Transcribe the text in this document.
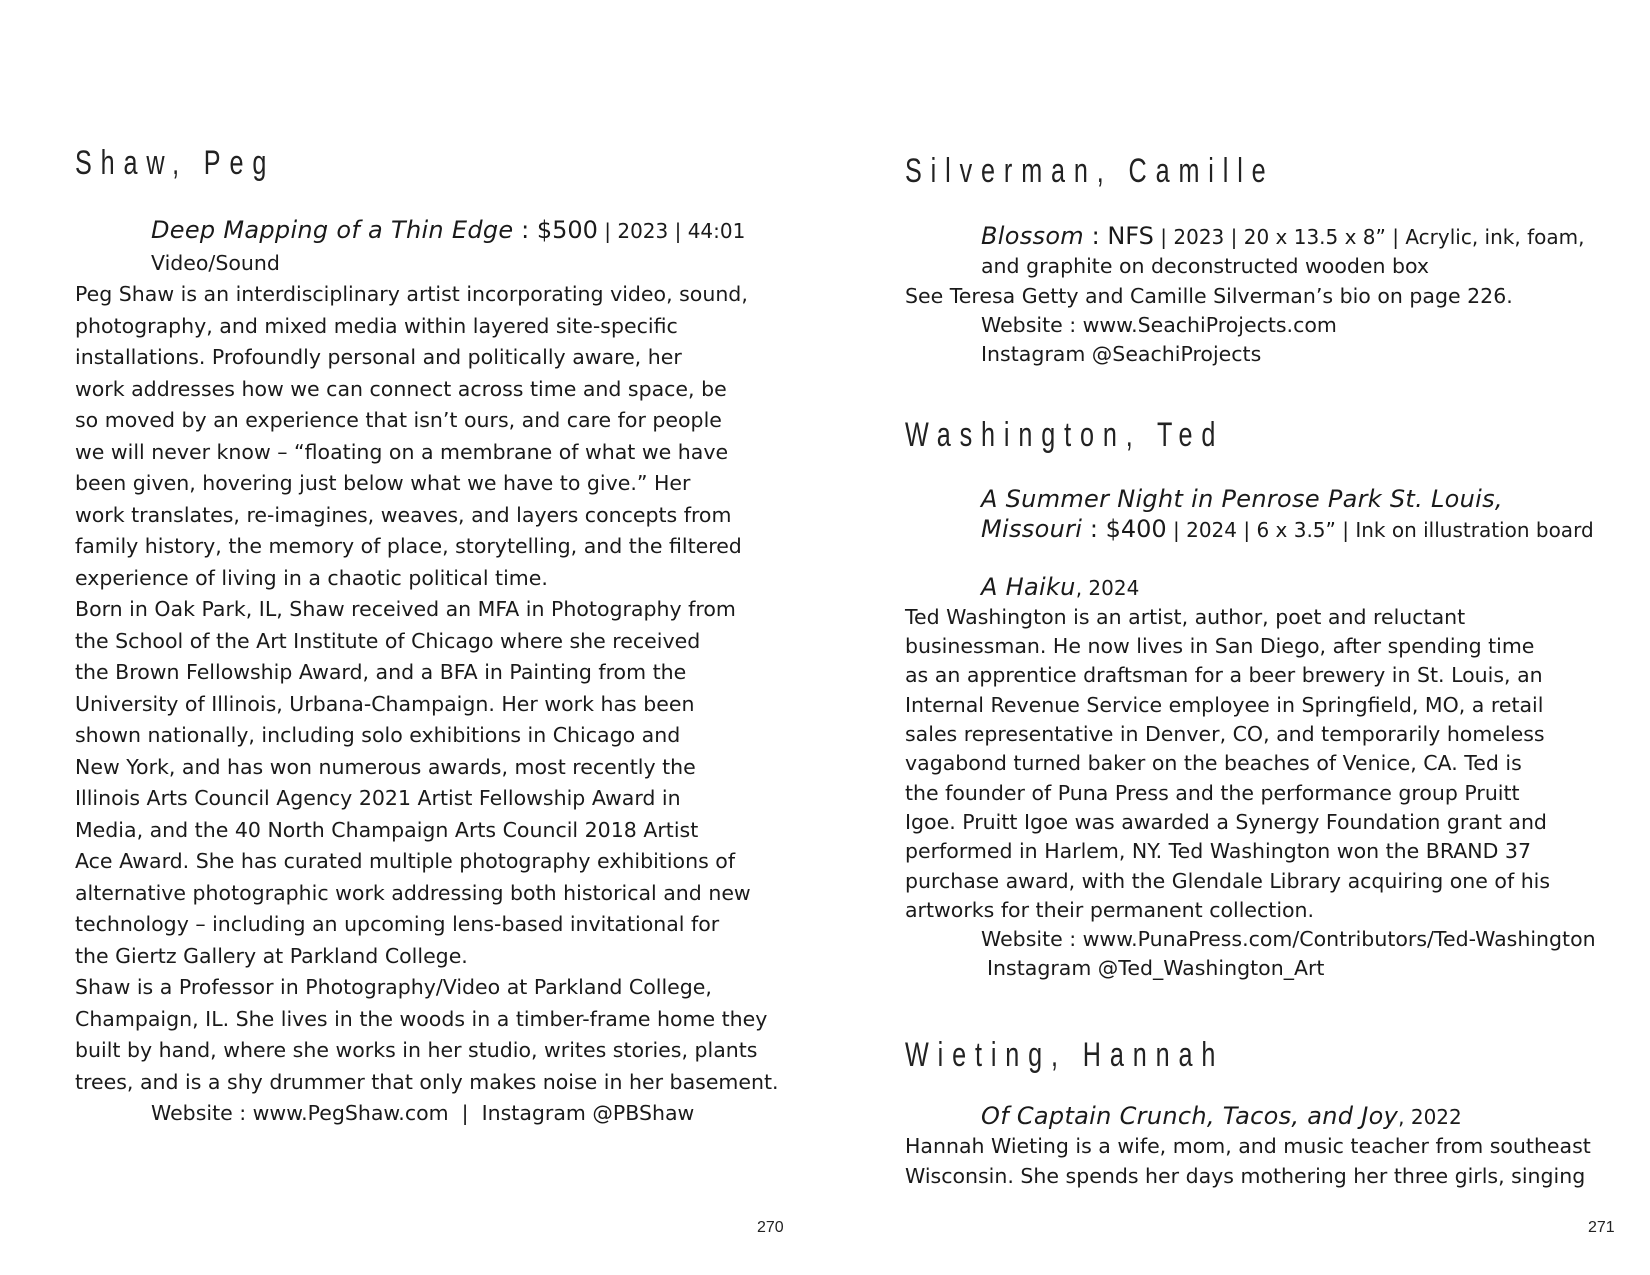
Shaw, Peg
Deep Mapping of a Thin Edge : $500 | 2023 | 44:01
Video/Sound

Peg Shaw is an interdisciplinary artist incorporating video, sound,

photography, and mixed media within layered site-specific

installations. Profoundly personal and politically aware, her

work addresses how we can connect across time and space, be

so moved by an experience that isn’t ours, and care for people

we will never know – “floating on a membrane of what we have

been given, hovering just below what we have to give.” Her

work translates, re-imagines, weaves, and layers concepts from

family history, the memory of place, storytelling, and the filtered

experience of living in a chaotic political time.

Born in Oak Park, IL, Shaw received an MFA in Photography from

the School of the Art Institute of Chicago where she received

the Brown Fellowship Award, and a BFA in Painting from the

University of Illinois, Urbana-Champaign. Her work has been

shown nationally, including solo exhibitions in Chicago and

New York, and has won numerous awards, most recently the

Illinois Arts Council Agency 2021 Artist Fellowship Award in

Media, and the 40 North Champaign Arts Council 2018 Artist

Ace Award. She has curated multiple photography exhibitions of

alternative photographic work addressing both historical and new

technology – including an upcoming lens-based invitational for

the Giertz Gallery at Parkland College.

Shaw is a Professor in Photography/Video at Parkland College,

Champaign, IL. She lives in the woods in a timber-frame home they

built by hand, where she works in her studio, writes stories, plants

trees, and is a shy drummer that only makes noise in her basement.

Website : www.PegShaw.com  |  Instagram @PBShaw
270
Silverman, Camille
Blossom : NFS | 2023 | 20 x 13.5 x 8” | Acrylic, ink, foam,
and graphite on deconstructed wooden box
See Teresa Getty and Camille Silverman’s bio on page 226.
Website : www.SeachiProjects.com
Instagram @SeachiProjects
Washington, Ted
A Summer Night in Penrose Park St. Louis,
Missouri : $400 | 2024 | 6 x 3.5” | Ink on illustration board
A Haiku, 2024

Ted Washington is an artist, author, poet and reluctant

businessman. He now lives in San Diego, after spending time

as an apprentice draftsman for a beer brewery in St. Louis, an

Internal Revenue Service employee in Springfield, MO, a retail

sales representative in Denver, CO, and temporarily homeless

vagabond turned baker on the beaches of Venice, CA. Ted is

the founder of Puna Press and the performance group Pruitt

Igoe. Pruitt Igoe was awarded a Synergy Foundation grant and

performed in Harlem, NY. Ted Washington won the BRAND 37

purchase award, with the Glendale Library acquiring one of his

artworks for their permanent collection.

Website : www.PunaPress.com/Contributors/Ted-Washington
Instagram @Ted_Washington_Art
Wieting, Hannah
Of Captain Crunch, Tacos, and Joy, 2022

Hannah Wieting is a wife, mom, and music teacher from southeast

Wisconsin. She spends her days mothering her three girls, singing

271
